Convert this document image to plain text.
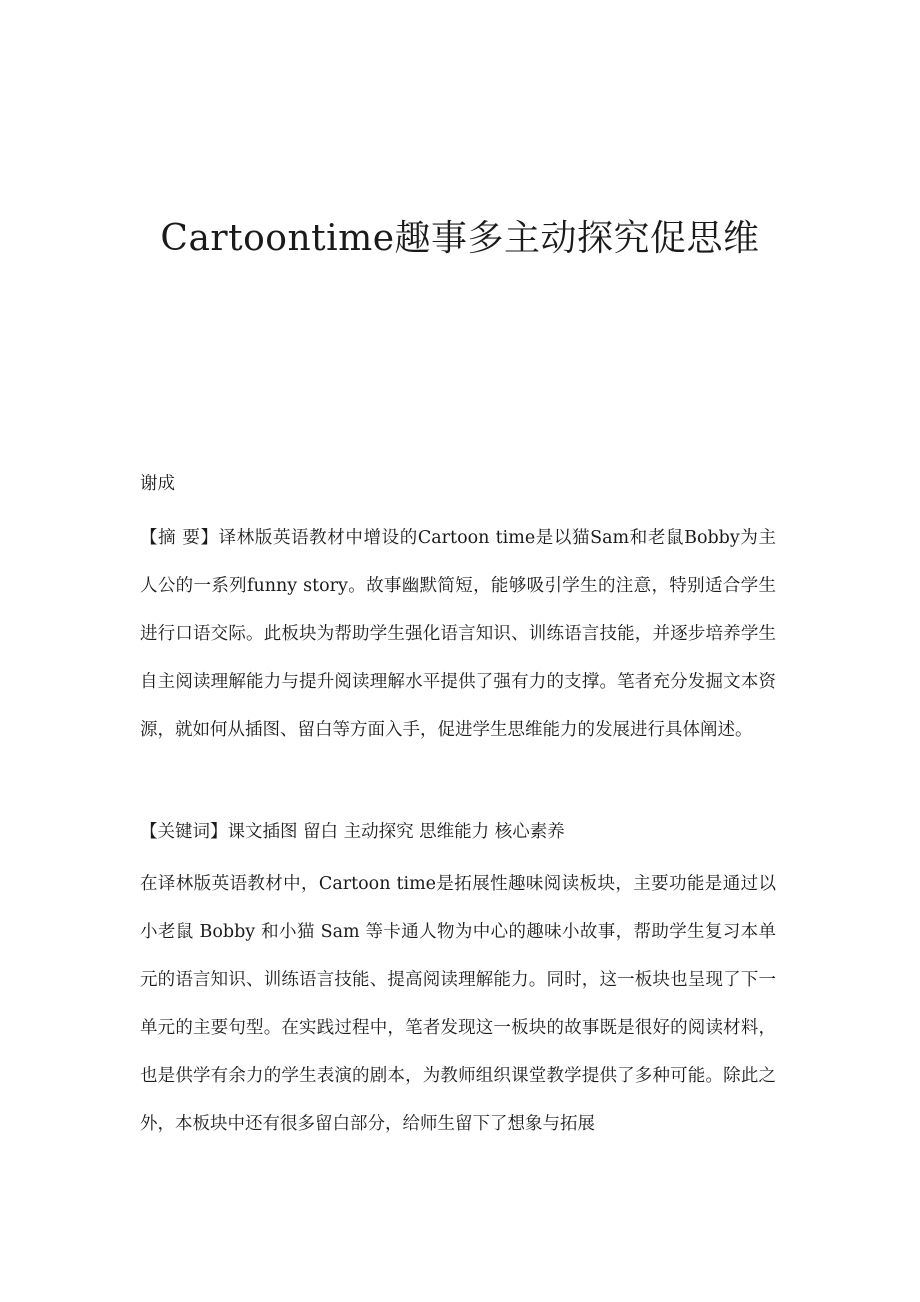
Cartoontime趣事多主动探究促思维

谢成

【摘 要】译林版英语教材中增设的Cartoon time是以猫Sam和老鼠Bobby为主人公的一系列funny story。故事幽默简短，能够吸引学生的注意，特别适合学生进行口语交际。此板块为帮助学生强化语言知识、训练语言技能，并逐步培养学生自主阅读理解能力与提升阅读理解水平提供了强有力的支撑。笔者充分发掘文本资源，就如何从插图、留白等方面入手，促进学生思维能力的发展进行具体阐述。

【关键词】课文插图 留白 主动探究 思维能力 核心素养

在译林版英语教材中，Cartoon time是拓展性趣味阅读板块，主要功能是通过以小老鼠 Bobby 和小猫 Sam 等卡通人物为中心的趣味小故事，帮助学生复习本单元的语言知识、训练语言技能、提高阅读理解能力。同时，这一板块也呈现了下一单元的主要句型。在实践过程中，笔者发现这一板块的故事既是很好的阅读材料，也是供学有余力的学生表演的剧本，为教师组织课堂教学提供了多种可能。除此之外，本板块中还有很多留白部分，给师生留下了想象与拓展
